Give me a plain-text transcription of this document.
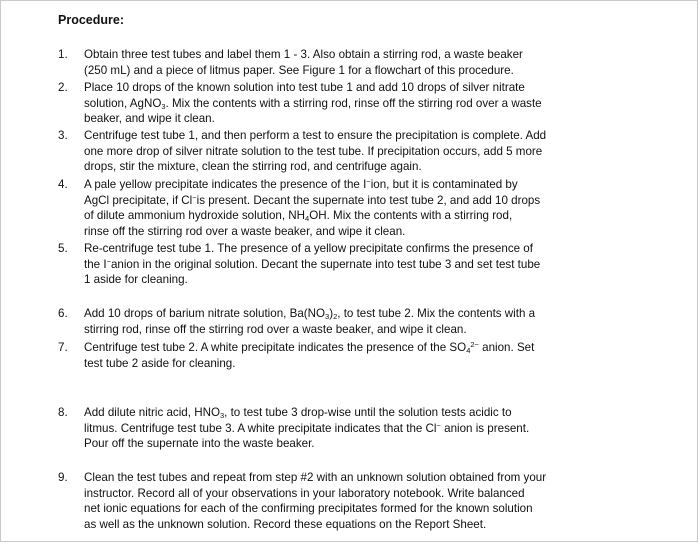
Procedure:
1.	Obtain three test tubes and label them 1 - 3. Also obtain a stirring rod, a waste beaker
(250 mL) and a piece of litmus paper. See Figure 1 for a flowchart of this procedure.
2.	Place 10 drops of the known solution into test tube 1 and add 10 drops of silver nitrate
solution, AgNO$_3$. Mix the contents with a stirring rod, rinse off the stirring rod over a waste
beaker, and wipe it clean.
3.	Centrifuge test tube 1, and then perform a test to ensure the precipitation is complete. Add
one more drop of silver nitrate solution to the test tube. If precipitation occurs, add 5 more
drops, stir the mixture, clean the stirring rod, and centrifuge again.
4.	A pale yellow precipitate indicates the presence of the I−ion, but it is contaminated by
AgCl precipitate, if Cl−is present. Decant the supernate into test tube 2, and add 10 drops
of dilute ammonium hydroxide solution, $NH_4OH$. Mix the contents with a stirring rod,
rinse off the stirring rod over a waste beaker, and wipe it clean.
5.	Re-centrifuge test tube 1. The presence of a yellow precipitate confirms the presence of
the I−anion in the original solution. Decant the supernate into test tube 3 and set test tube
1 aside for cleaning.
6.	Add 10 drops of barium nitrate solution, $Ba(NO_3)_2$, to test tube 2. Mix the contents with a
stirring rod, rinse off the stirring rod over a waste beaker, and wipe it clean.
7.	Centrifuge test tube 2. A white precipitate indicates the presence of the $SO_4^{2-}$ anion. Set
test tube 2 aside for cleaning.
8.	Add dilute nitric acid, $HNO_3$, to test tube 3 drop-wise until the solution tests acidic to
litmus. Centrifuge test tube 3. A white precipitate indicates that the Cl− anion is present.
Pour off the supernate into the waste beaker.
9.	Clean the test tubes and repeat from step #2 with an unknown solution obtained from your
instructor. Record all of your observations in your laboratory notebook. Write balanced
net ionic equations for each of the confirming precipitates formed for the known solution
as well as the unknown solution. Record these equations on the Report Sheet.
